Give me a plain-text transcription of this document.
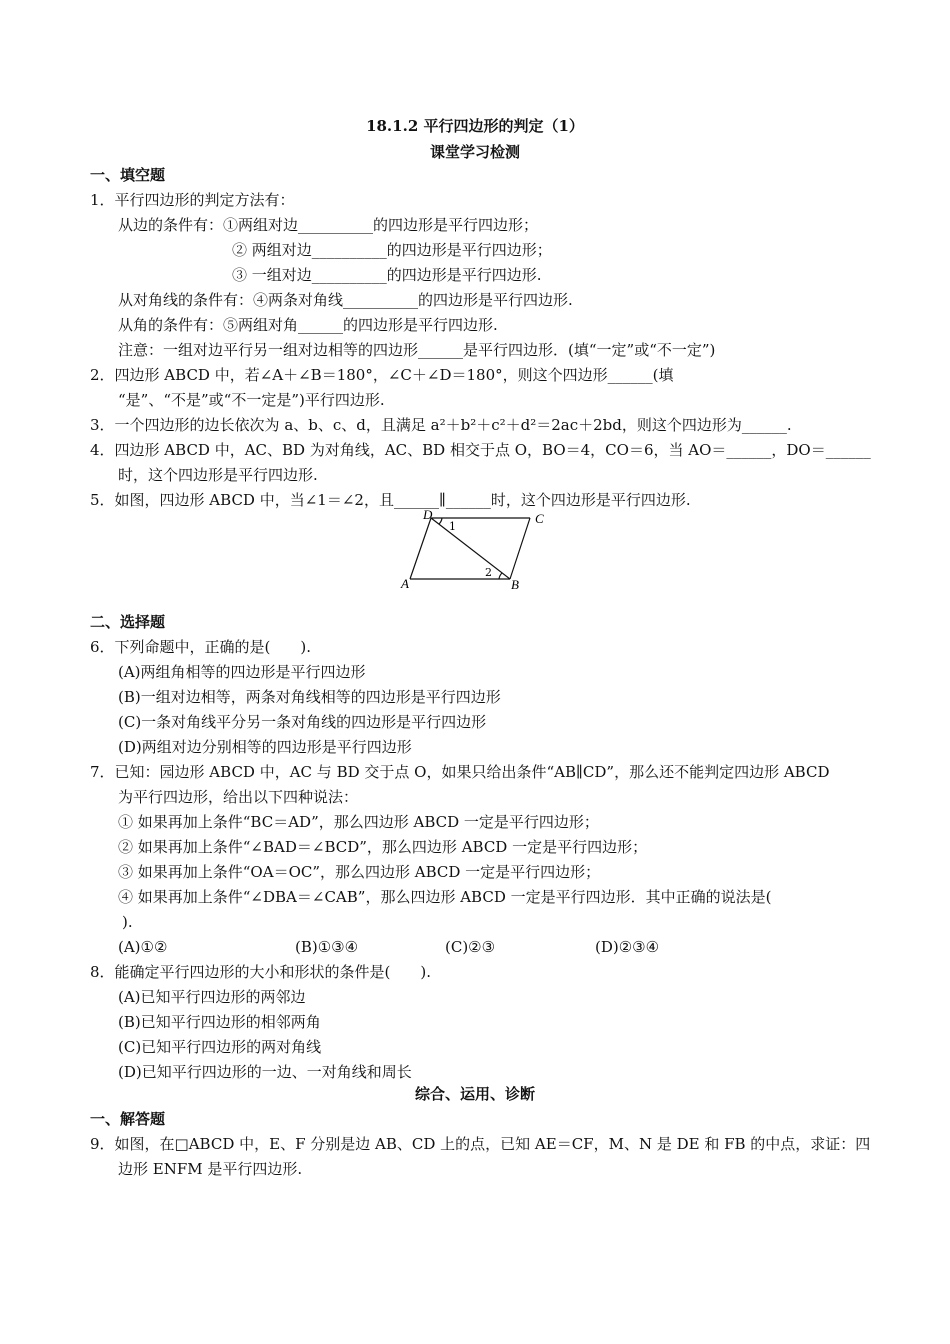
18.1.2 平行四边形的判定（1）
课堂学习检测
一、填空题
1．平行四边形的判定方法有：
从边的条件有：①两组对边__________的四边形是平行四边形；
② 两组对边__________的四边形是平行四边形；
③ 一组对边__________的四边形是平行四边形.
从对角线的条件有：④两条对角线__________的四边形是平行四边形.
从角的条件有：⑤两组对角______的四边形是平行四边形.
注意：一组对边平行另一组对边相等的四边形______是平行四边形．(填“一定”或“不一定”)
2．四边形 ABCD 中，若∠A＋∠B＝180°，∠C＋∠D＝180°，则这个四边形______(填
“是”、“不是”或“不一定是”)平行四边形.
3．一个四边形的边长依次为 a、b、c、d，且满足 a²＋b²＋c²＋d²＝2ac＋2bd，则这个四边形为______.
4．四边形 ABCD 中，AC、BD 为对角线，AC、BD 相交于点 O，BO＝4，CO＝6，当 AO＝______，DO＝______
时，这个四边形是平行四边形.
5．如图，四边形 ABCD 中，当∠1＝∠2，且______∥______时，这个四边形是平行四边形.
D	C
A	B
1
2
二、选择题
6．下列命题中，正确的是(　　).
(A)两组角相等的四边形是平行四边形
(B)一组对边相等，两条对角线相等的四边形是平行四边形
(C)一条对角线平分另一条对角线的四边形是平行四边形
(D)两组对边分别相等的四边形是平行四边形
7．已知：园边形 ABCD 中，AC 与 BD 交于点 O，如果只给出条件“AB∥CD”，那么还不能判定四边形 ABCD
为平行四边形，给出以下四种说法：
① 如果再加上条件“BC＝AD”，那么四边形 ABCD 一定是平行四边形；
② 如果再加上条件“∠BAD＝∠BCD”，那么四边形 ABCD 一定是平行四边形；
③ 如果再加上条件“OA＝OC”，那么四边形 ABCD 一定是平行四边形；
④ 如果再加上条件“∠DBA＝∠CAB”，那么四边形 ABCD 一定是平行四边形．其中正确的说法是(
).
(A)①②	(B)①③④	(C)②③	(D)②③④
8．能确定平行四边形的大小和形状的条件是(　　).
(A)已知平行四边形的两邻边
(B)已知平行四边形的相邻两角
(C)已知平行四边形的两对角线
(D)已知平行四边形的一边、一对角线和周长
综合、运用、诊断
一、解答题
9．如图，在□ABCD 中，E、F 分别是边 AB、CD 上的点，已知 AE＝CF，M、N 是 DE 和 FB 的中点，求证：四
边形 ENFM 是平行四边形.
